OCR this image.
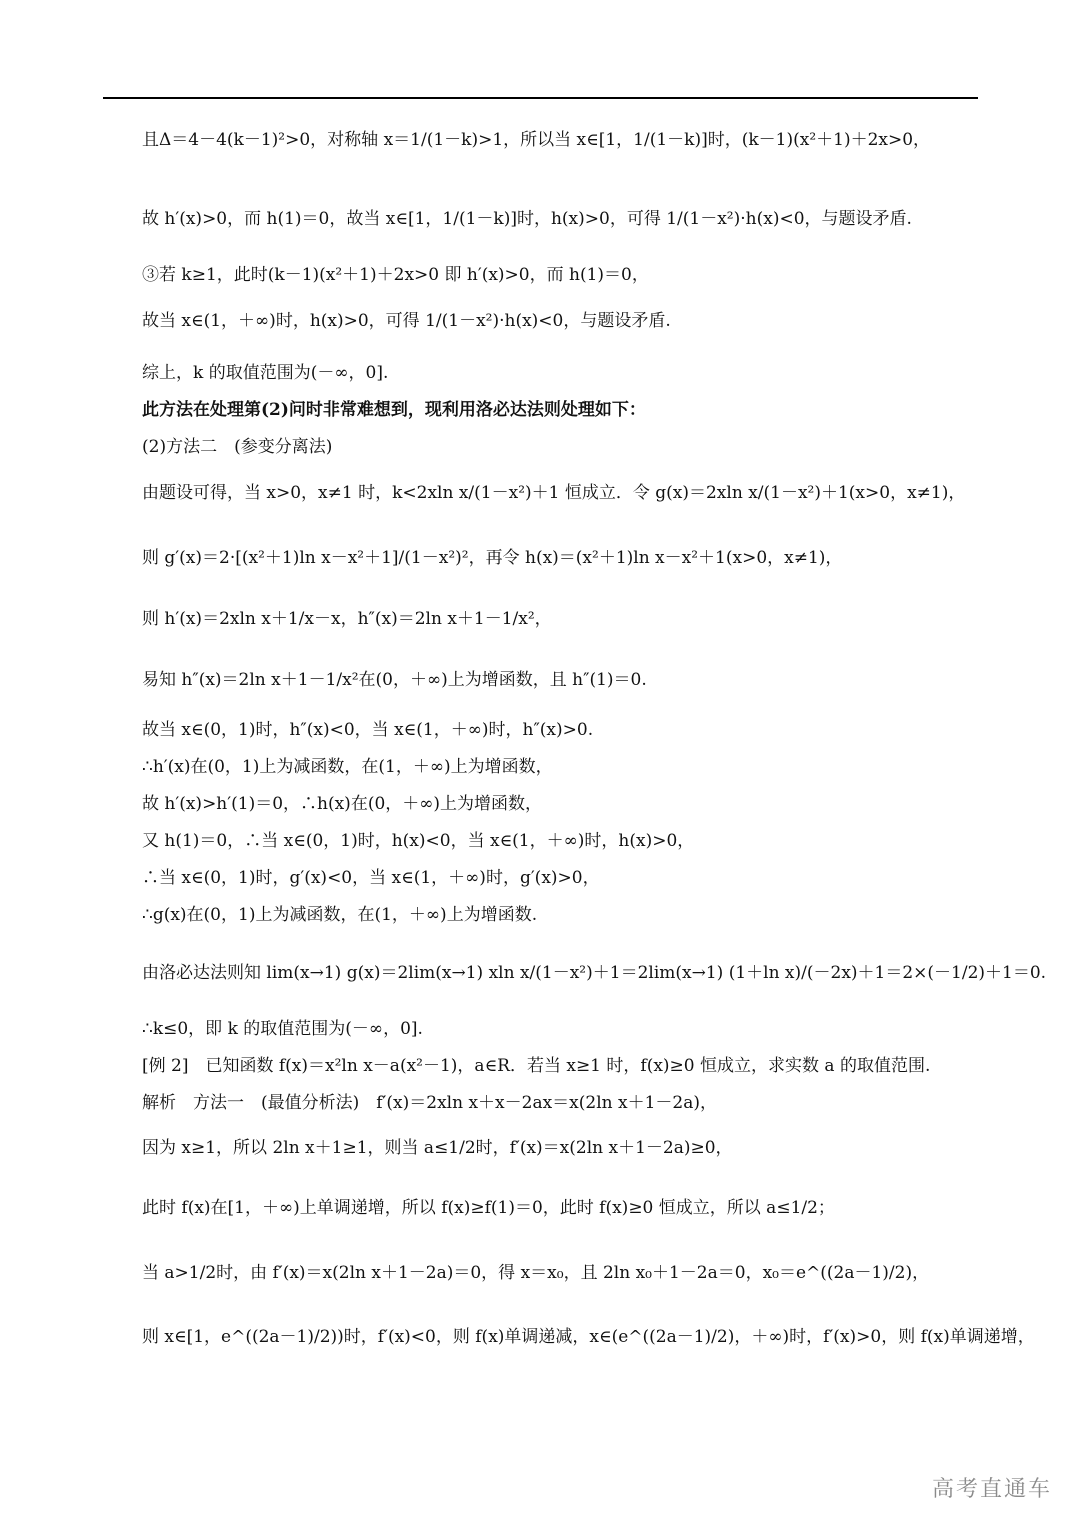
且Δ＝4－4(k－1)²>0，对称轴 x＝1/(1－k)>1，所以当 x∈[1，1/(1－k)]时，(k－1)(x²＋1)＋2x>0，
故 h′(x)>0，而 h(1)＝0，故当 x∈[1，1/(1－k)]时，h(x)>0，可得 1/(1－x²)·h(x)<0，与题设矛盾.
③若 k≥1，此时(k－1)(x²＋1)＋2x>0 即 h′(x)>0，而 h(1)＝0，
故当 x∈(1，＋∞)时，h(x)>0，可得 1/(1－x²)·h(x)<0，与题设矛盾.
综上，k 的取值范围为(－∞，0].
此方法在处理第(2)问时非常难想到，现利用洛必达法则处理如下：
(2)方法二　(参变分离法)
由题设可得，当 x>0，x≠1 时，k<2xln x/(1－x²)＋1 恒成立．令 g(x)＝2xln x/(1－x²)＋1(x>0，x≠1)，
则 g′(x)＝2·[(x²＋1)ln x－x²＋1]/(1－x²)²，再令 h(x)＝(x²＋1)ln x－x²＋1(x>0，x≠1)，
则 h′(x)＝2xln x＋1/x－x，h″(x)＝2ln x＋1－1/x²，
易知 h″(x)＝2ln x＋1－1/x²在(0，＋∞)上为增函数，且 h″(1)＝0.
故当 x∈(0，1)时，h″(x)<0，当 x∈(1，＋∞)时，h″(x)>0.
∴h′(x)在(0，1)上为减函数，在(1，＋∞)上为增函数，
故 h′(x)>h′(1)＝0，∴h(x)在(0，＋∞)上为增函数，
又 h(1)＝0，∴当 x∈(0，1)时，h(x)<0，当 x∈(1，＋∞)时，h(x)>0，
∴当 x∈(0，1)时，g′(x)<0，当 x∈(1，＋∞)时，g′(x)>0，
∴g(x)在(0，1)上为减函数，在(1，＋∞)上为增函数.
由洛必达法则知 lim(x→1) g(x)＝2lim(x→1) xln x/(1－x²)＋1＝2lim(x→1) (1＋ln x)/(－2x)＋1＝2×(－1/2)＋1＝0.
∴k≤0，即 k 的取值范围为(－∞，0].
[例 2]　已知函数 f(x)＝x²ln x－a(x²－1)，a∈R．若当 x≥1 时，f(x)≥0 恒成立，求实数 a 的取值范围.
解析　方法一　(最值分析法)　f′(x)＝2xln x＋x－2ax＝x(2ln x＋1－2a)，
因为 x≥1，所以 2ln x＋1≥1，则当 a≤1/2时，f′(x)＝x(2ln x＋1－2a)≥0，
此时 f(x)在[1，＋∞)上单调递增，所以 f(x)≥f(1)＝0，此时 f(x)≥0 恒成立，所以 a≤1/2；
当 a>1/2时，由 f′(x)＝x(2ln x＋1－2a)＝0，得 x＝x₀，且 2ln x₀＋1－2a＝0，x₀＝e^((2a－1)/2)，
则 x∈[1，e^((2a－1)/2))时，f′(x)<0，则 f(x)单调递减，x∈(e^((2a－1)/2)，＋∞)时，f′(x)>0，则 f(x)单调递增，
高考直通车
